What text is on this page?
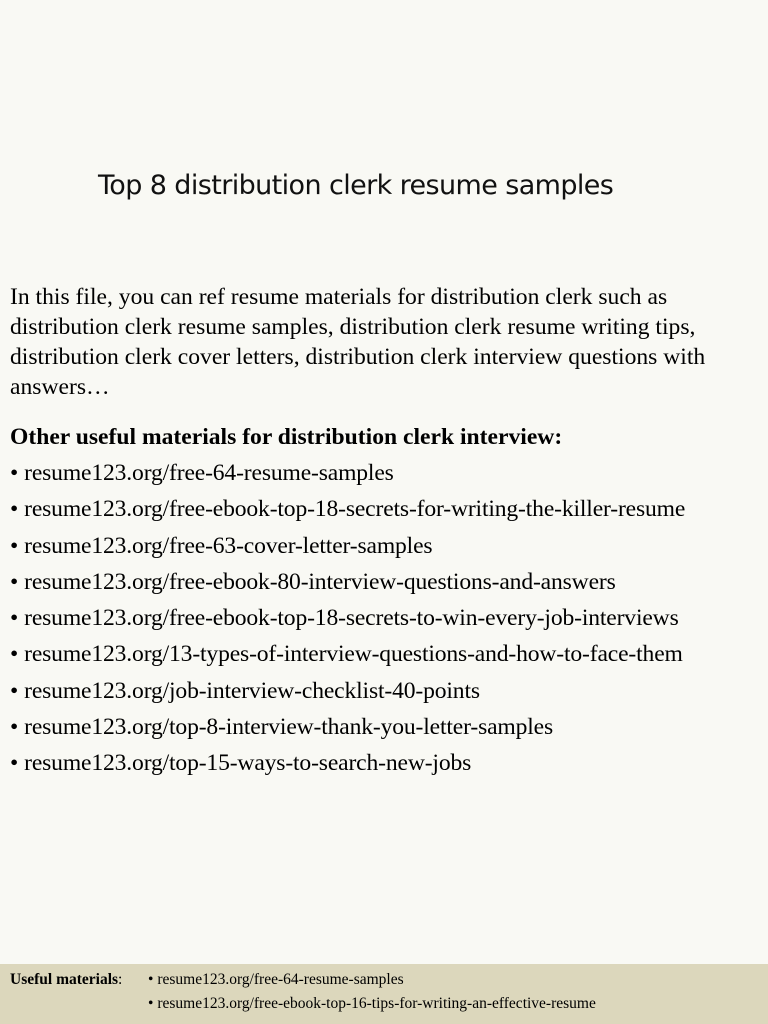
Top 8 distribution clerk resume samples

In this file, you can ref resume materials for distribution clerk such as distribution clerk resume samples, distribution clerk resume writing tips, distribution clerk cover letters, distribution clerk interview questions with answers…

Other useful materials for distribution clerk interview:

• resume123.org/free-64-resume-samples
• resume123.org/free-ebook-top-18-secrets-for-writing-the-killer-resume
• resume123.org/free-63-cover-letter-samples
• resume123.org/free-ebook-80-interview-questions-and-answers
• resume123.org/free-ebook-top-18-secrets-to-win-every-job-interviews
• resume123.org/13-types-of-interview-questions-and-how-to-face-them
• resume123.org/job-interview-checklist-40-points
• resume123.org/top-8-interview-thank-you-letter-samples
• resume123.org/top-15-ways-to-search-new-jobs
Useful materials: • resume123.org/free-64-resume-samples
• resume123.org/free-ebook-top-16-tips-for-writing-an-effective-resume
